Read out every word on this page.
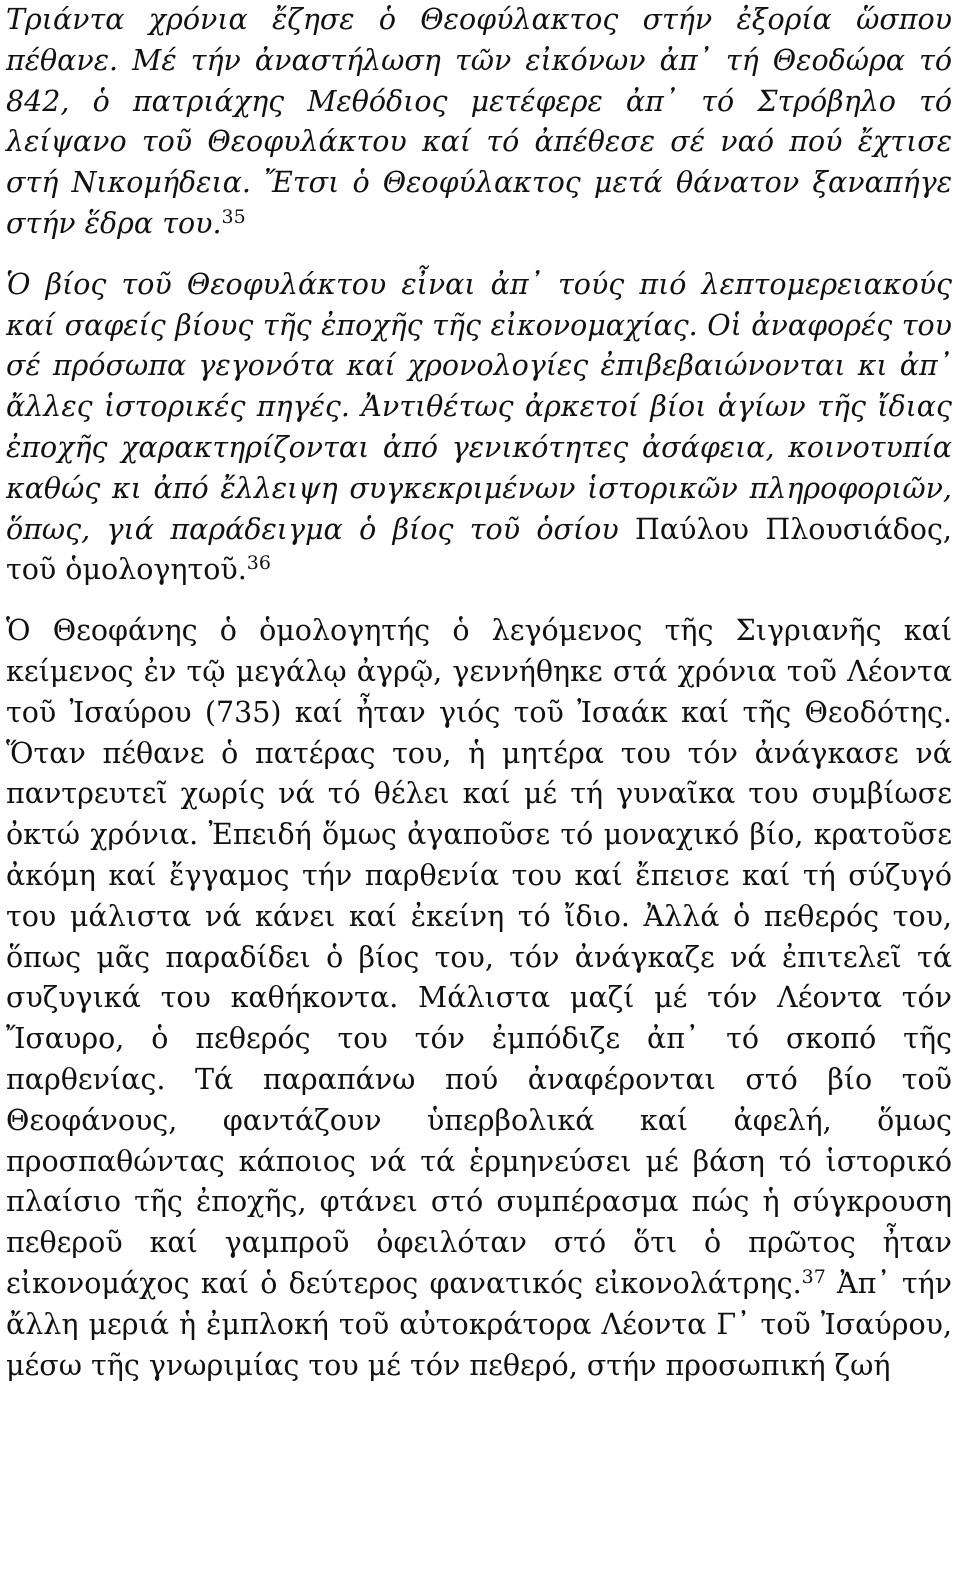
Τριάντα χρόνια ἔζησε ὁ Θεοφύλακτος στήν ἐξορία ὥσπου πέθανε. Μέ τήν ἀναστήλωση τῶν εἰκόνων ἀπ᾿ τή Θεοδώρα τό 842, ὁ πατριάχης Μεθόδιος μετέφερε ἀπ᾿ τό Στρόβηλο τό λείψανο τοῦ Θεοφυλάκτου καί τό ἀπέθεσε σέ ναό πού ἔχτισε στή Νικομήδεια. Ἔτσι ὁ Θεοφύλακτος μετά θάνατον ξαναπήγε στήν ἕδρα του.$^{35}$

Ὁ βίος τοῦ Θεοφυλάκτου εἶναι ἀπ᾿ τούς πιό λεπτομερειακούς καί σαφείς βίους τῆς ἐποχῆς τῆς εἰκονομαχίας. Οἱ ἀναφορές του σέ πρόσωπα γεγονότα καί χρονολογίες ἐπιβεβαιώνονται κι ἀπ᾿ ἄλλες ἱστορικές πηγές. Ἀντιθέτως ἀρκετοί βίοι ἁγίων τῆς ἴδιας ἐποχῆς χαρακτηρίζονται ἀπό γενικότητες ἀσάφεια, κοινοτυπία καθώς κι ἀπό ἔλλειψη συγκεκριμένων ἱστορικῶν πληροφοριῶν, ὅπως, γιά παράδειγμα ὁ βίος τοῦ ὁσίου Παύλου Πλουσιάδος, τοῦ ὁμολογητοῦ.$^{36}$

Ὁ Θεοφάνης ὁ ὁμολογητής ὁ λεγόμενος τῆς Σιγριανῆς καί κείμενος ἐν τῷ μεγάλῳ ἀγρῷ, γεννήθηκε στά χρόνια τοῦ Λέοντα τοῦ Ἰσαύρου (735) καί ἦταν γιός τοῦ Ἰσαάκ καί τῆς Θεοδότης. Ὅταν πέθανε ὁ πατέρας του, ἡ μητέρα του τόν ἀνάγκασε νά παντρευτεῖ χωρίς νά τό θέλει καί μέ τή γυναῖκα του συμβίωσε ὀκτώ χρόνια. Ἐπειδή ὅμως ἀγαποῦσε τό μοναχικό βίο, κρατοῦσε ἀκόμη καί ἔγγαμος τήν παρθενία του καί ἔπεισε καί τή σύζυγό του μάλιστα νά κάνει καί ἐκείνη τό ἴδιο. Ἀλλά ὁ πεθερός του, ὅπως μᾶς παραδίδει ὁ βίος του, τόν ἀνάγκαζε νά ἐπιτελεῖ τά συζυγικά του καθήκοντα. Μάλιστα μαζί μέ τόν Λέοντα τόν Ἴσαυρο, ὁ πεθερός του τόν ἐμπόδιζε ἀπ᾿ τό σκοπό τῆς παρθενίας. Τά παραπάνω πού ἀναφέρονται στό βίο τοῦ Θεοφάνους, φαντάζουν ὑπερβολικά καί ἀφελή, ὅμως προσπαθώντας κάποιος νά τά ἑρμηνεύσει μέ βάση τό ἱστορικό πλαίσιο τῆς ἐποχῆς, φτάνει στό συμπέρασμα πώς ἡ σύγκρουση πεθεροῦ καί γαμπροῦ ὀφειλόταν στό ὅτι ὁ πρῶτος ἦταν εἰκονομάχος καί ὁ δεύτερος φανατικός εἰκονολάτρης.$^{37}$ Ἀπ᾿ τήν ἄλλη μεριά ἡ ἐμπλοκή τοῦ αὐτοκράτορα Λέοντα Γ᾿ τοῦ Ἰσαύρου, μέσω τῆς γνωριμίας του μέ τόν πεθερό, στήν προσωπική ζωή
